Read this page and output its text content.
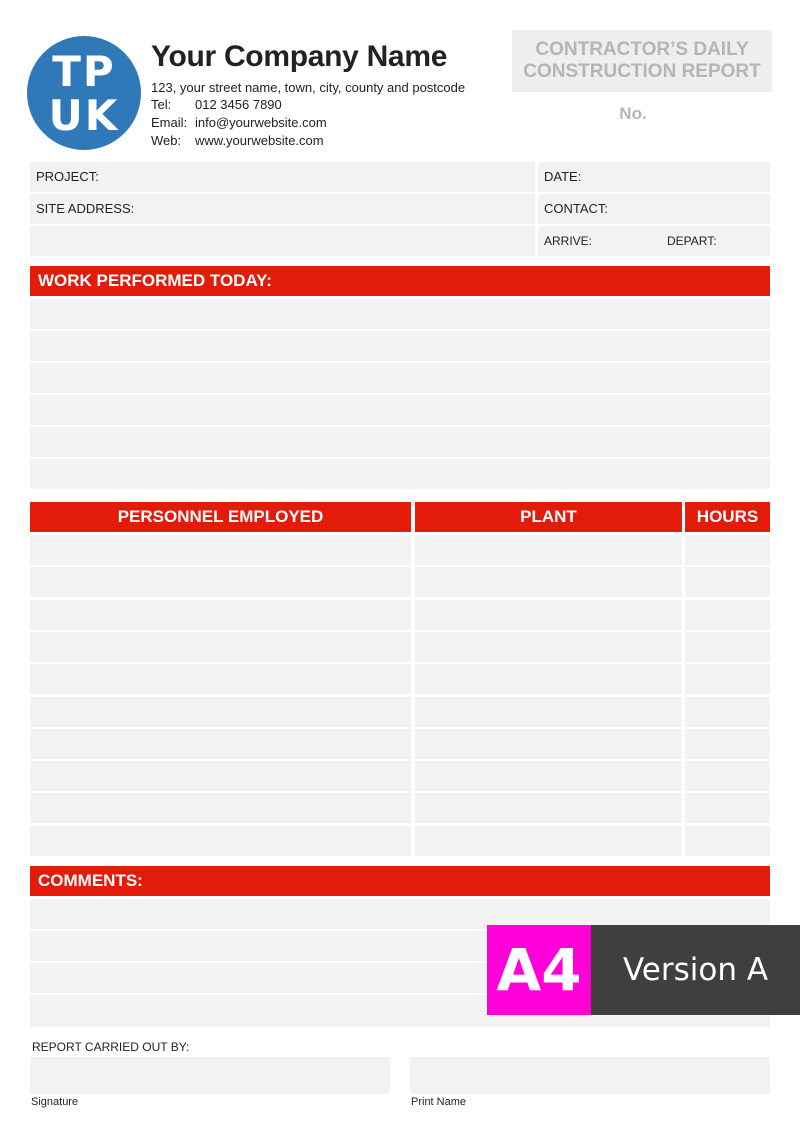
TP
UK
Your Company Name
123, your street name, town, city, county and postcode
Tel: 012 3456 7890
Email: info@yourwebsite.com
Web: www.yourwebsite.com
CONTRACTOR’S DAILY
CONSTRUCTION REPORT
No.
PROJECT:	DATE:
SITE ADDRESS:	CONTACT:
ARRIVE:	DEPART:
WORK PERFORMED TODAY:
PERSONNEL EMPLOYED	PLANT	HOURS
COMMENTS:
A4	Version A
REPORT CARRIED OUT BY:
Signature	Print Name
